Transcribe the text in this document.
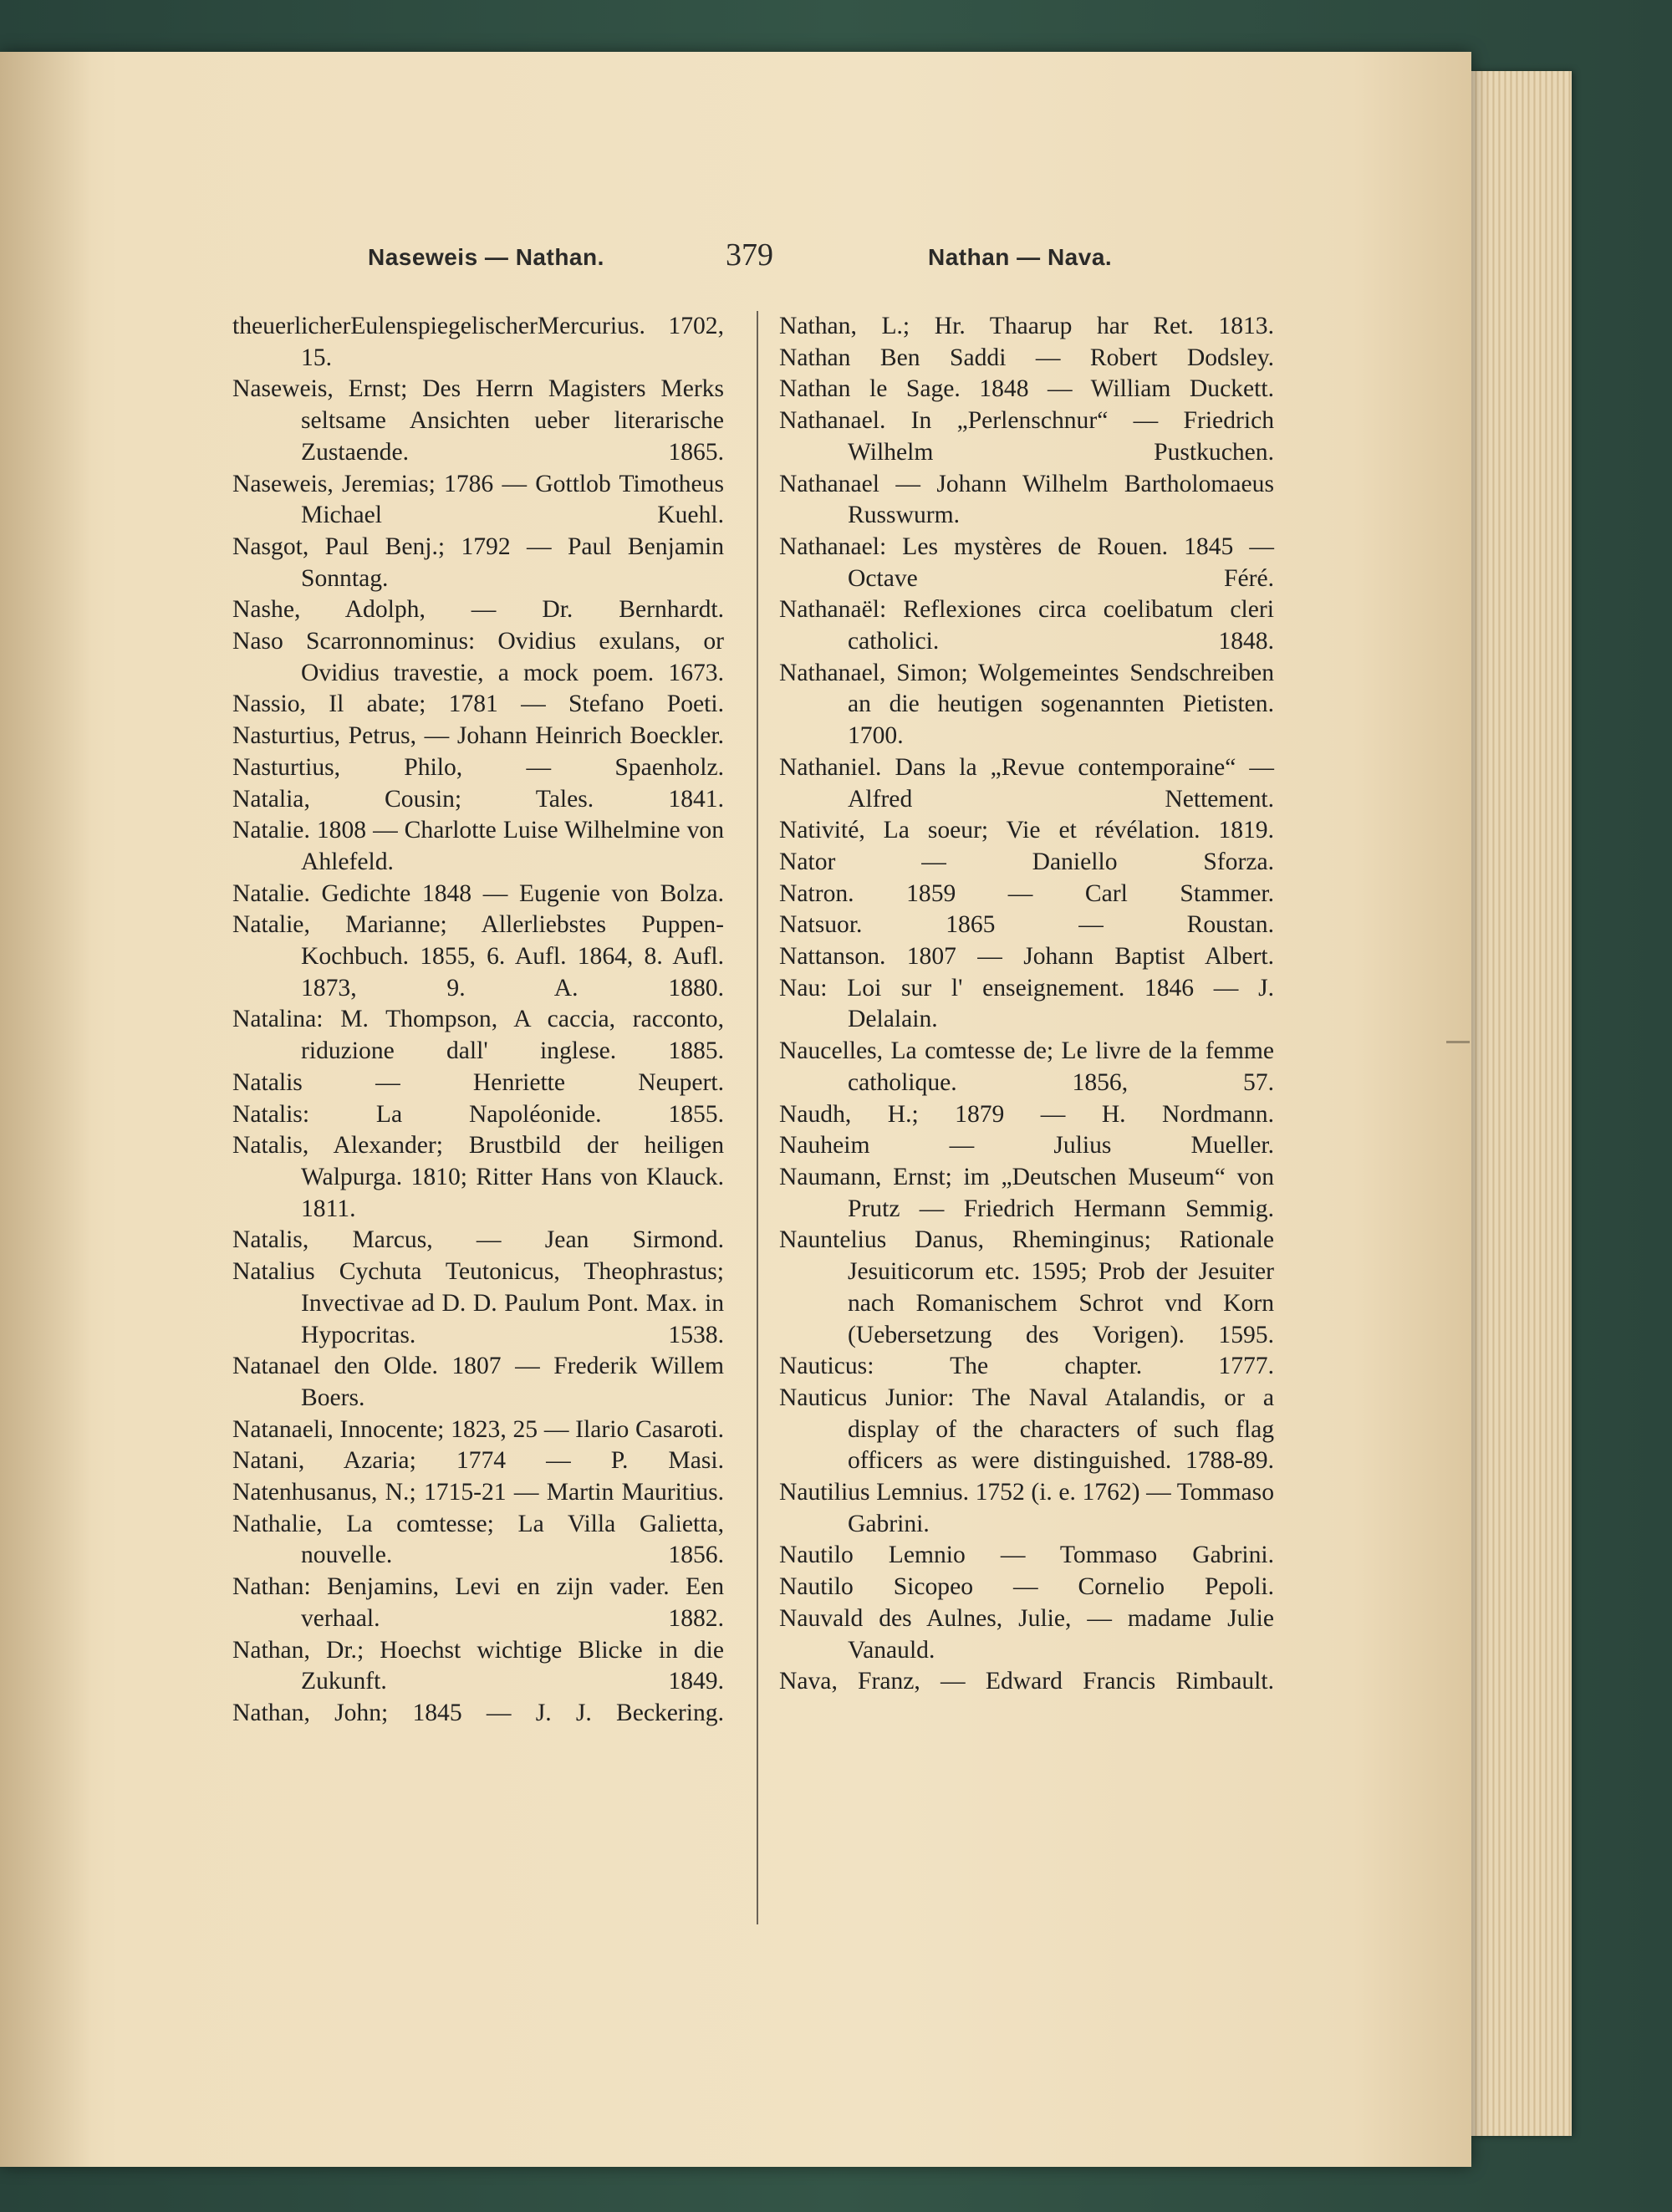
Naseweis — Nathan.	379	Nathan — Nava.
theuerlicherEulenspiegelischerMercurius. 1702, 15.
Naseweis, Ernst; Des Herrn Magisters Merks seltsame Ansichten ueber literarische Zustaende. 1865.
Naseweis, Jeremias; 1786 — Gottlob Timotheus Michael Kuehl.
Nasgot, Paul Benj.; 1792 — Paul Benjamin Sonntag.
Nashe, Adolph, — Dr. Bernhardt.
Naso Scarronnominus: Ovidius exulans, or Ovidius travestie, a mock poem. 1673.
Nassio, Il abate; 1781 — Stefano Poeti.
Nasturtius, Petrus, — Johann Heinrich Boeckler.
Nasturtius, Philo, — Spaenholz.
Natalia, Cousin; Tales. 1841.
Natalie. 1808 — Charlotte Luise Wilhelmine von Ahlefeld.
Natalie. Gedichte 1848 — Eugenie von Bolza.
Natalie, Marianne; Allerliebstes PuppenKochbuch. 1855, 6. Aufl. 1864, 8. Aufl. 1873, 9. A. 1880.
Natalina: M. Thompson, A caccia, racconto, riduzione dall' inglese. 1885.
Natalis — Henriette Neupert.
Natalis: La Napoléonide. 1855.
Natalis, Alexander; Brustbild der heiligen Walpurga. 1810; Ritter Hans von Klauck. 1811.
Natalis, Marcus, — Jean Sirmond.
Natalius Cychuta Teutonicus, Theophrastus; Invectivae ad D. D. Paulum Pont. Max. in Hypocritas. 1538.
Natanael den Olde. 1807 — Frederik Willem Boers.
Natanaeli, Innocente; 1823, 25 — Ilario Casaroti.
Natani, Azaria; 1774 — P. Masi.
Natenhusanus, N.; 1715-21 — Martin Mauritius.
Nathalie, La comtesse; La Villa Galietta, nouvelle. 1856.
Nathan: Benjamins, Levi en zijn vader. Een verhaal. 1882.
Nathan, Dr.; Hoechst wichtige Blicke in die Zukunft. 1849.
Nathan, John; 1845 — J. J. Beckering.
Nathan, L.; Hr. Thaarup har Ret. 1813.
Nathan Ben Saddi — Robert Dodsley.
Nathan le Sage. 1848 — William Duckett.
Nathanael. In „Perlenschnur“ — Friedrich Wilhelm Pustkuchen.
Nathanael — Johann Wilhelm Bartholomaeus Russwurm.
Nathanael: Les mystères de Rouen. 1845 — Octave Féré.
Nathanaël: Reflexiones circa coelibatum cleri catholici. 1848.
Nathanael, Simon; Wolgemeintes Sendschreiben an die heutigen sogenannten Pietisten. 1700.
Nathaniel. Dans la „Revue contemporaine“ — Alfred Nettement.
Nativité, La soeur; Vie et révélation. 1819.
Nator — Daniello Sforza.
Natron. 1859 — Carl Stammer.
Natsuor. 1865 — Roustan.
Nattanson. 1807 — Johann Baptist Albert.
Nau: Loi sur l' enseignement. 1846 — J. Delalain.
Naucelles, La comtesse de; Le livre de la femme catholique. 1856, 57.
Naudh, H.; 1879 — H. Nordmann.
Nauheim — Julius Mueller.
Naumann, Ernst; im „Deutschen Museum“ von Prutz — Friedrich Hermann Semmig.
Nauntelius Danus, Rheminginus; Rationale Jesuiticorum etc. 1595; Prob der Jesuiter nach Romanischem Schrot vnd Korn (Uebersetzung des Vorigen). 1595.
Nauticus: The chapter. 1777.
Nauticus Junior: The Naval Atalandis, or a display of the characters of such flag officers as were distinguished. 1788-89.
Nautilius Lemnius. 1752 (i. e. 1762) — Tommaso Gabrini.
Nautilo Lemnio — Tommaso Gabrini.
Nautilo Sicopeo — Cornelio Pepoli.
Nauvald des Aulnes, Julie, — madame Julie Vanauld.
Nava, Franz, — Edward Francis Rimbault.
